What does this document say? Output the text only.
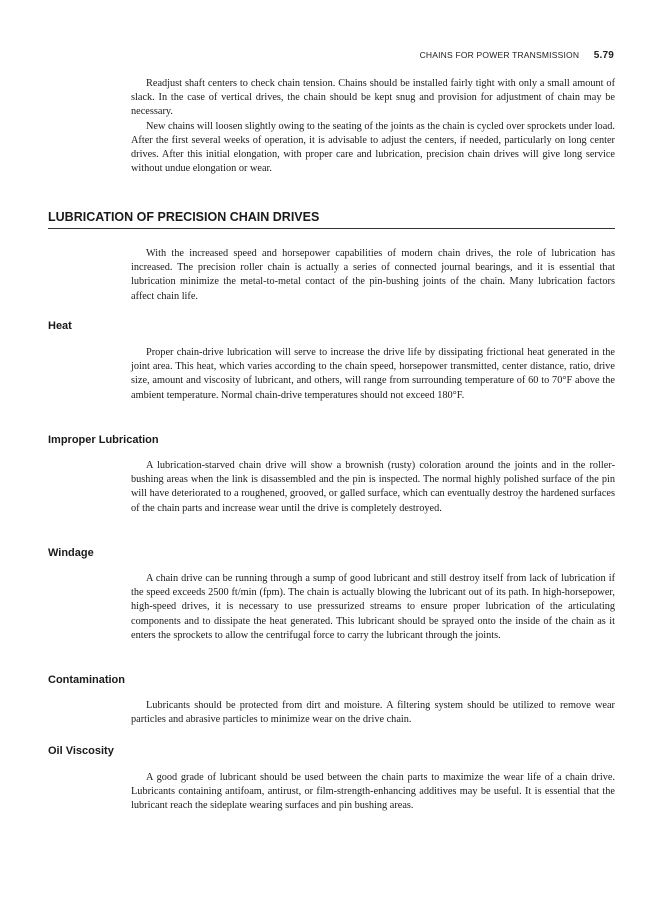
CHAINS FOR POWER TRANSMISSION 5.79

Readjust shaft centers to check chain tension. Chains should be installed fairly tight with only a small amount of slack. In the case of vertical drives, the chain should be kept snug and provision for adjustment of chain may be necessary.

New chains will loosen slightly owing to the seating of the joints as the chain is cycled over sprockets under load. After the first several weeks of operation, it is advisable to adjust the centers, if needed, particularly on long center drives. After this initial elongation, with proper care and lubrication, precision chain drives will give long service without undue elongation or wear.

LUBRICATION OF PRECISION CHAIN DRIVES

With the increased speed and horsepower capabilities of modern chain drives, the role of lubrication has increased. The precision roller chain is actually a series of connected journal bearings, and it is essential that lubrication minimize the metal-to-metal contact of the pin-bushing joints of the chain. Many lubrication factors affect chain life.

Heat

Proper chain-drive lubrication will serve to increase the drive life by dissipating frictional heat generated in the joint area. This heat, which varies according to the chain speed, horsepower transmitted, center distance, ratio, drive size, amount and viscosity of lubricant, and others, will range from surrounding temperature of 60 to 70°F above the ambient temperature. Normal chain-drive temperatures should not exceed 180°F.

Improper Lubrication

A lubrication-starved chain drive will show a brownish (rusty) coloration around the joints and in the roller-bushing areas when the link is disassembled and the pin is inspected. The normal highly polished surface of the pin will have deteriorated to a roughened, grooved, or galled surface, which can eventually destroy the hardened surfaces of the chain parts and increase wear until the drive is completely destroyed.

Windage

A chain drive can be running through a sump of good lubricant and still destroy itself from lack of lubrication if the speed exceeds 2500 ft/min (fpm). The chain is actually blowing the lubricant out of its path. In high-horsepower, high-speed drives, it is necessary to use pressurized streams to ensure proper lubrication of the articulating components and to dissipate the heat generated. This lubricant should be sprayed onto the inside of the chain as it enters the sprockets to allow the centrifugal force to carry the lubricant through the joints.

Contamination

Lubricants should be protected from dirt and moisture. A filtering system should be utilized to remove wear particles and abrasive particles to minimize wear on the drive chain.

Oil Viscosity

A good grade of lubricant should be used between the chain parts to maximize the wear life of a chain drive. Lubricants containing antifoam, antirust, or film-strength-enhancing additives may be useful. It is essential that the lubricant reach the sideplate wearing surfaces and pin bushing areas.
